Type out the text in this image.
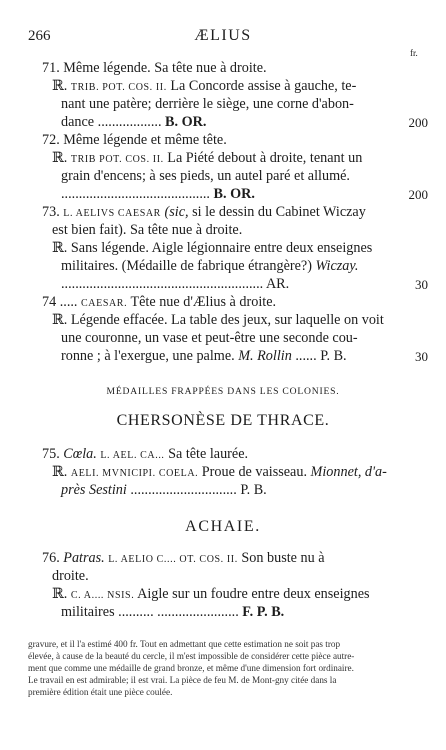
266	ÆLIUS
fr.
71. Même légende. Sa tête nue à droite.
ℝ. TRIB. POT. COS. II. La Concorde assise à gauche, te-
nant une patère; derrière le siège, une corne d'abon-
dance .................. B. OR.	200
72. Même légende et même tête.
ℝ. TRIB POT. COS. II. La Piété debout à droite, tenant un
grain d'encens; à ses pieds, un autel paré et allumé.
.......................................... B. OR.	200
73. L. AELIVS CAESAR (sic, si le dessin du Cabinet Wiczay
est bien fait). Sa tête nue à droite.
ℝ. Sans légende. Aigle légionnaire entre deux enseignes
militaires. (Médaille de fabrique étrangère?) Wiczay.
......................................................... AR.	30
74 ..... CAESAR. Tête nue d'Ælius à droite.
ℝ. Légende effacée. La table des jeux, sur laquelle on voit
une couronne, un vase et peut-être une seconde cou-
ronne ; à l'exergue, une palme. M. Rollin ...... P. B.	30
MÉDAILLES FRAPPÉES DANS LES COLONIES.
CHERSONÈSE DE THRACE.
75. Cœla. L. AEL. CA... Sa tête laurée.
ℝ. AELI. MVNICIPI. COELA. Proue de vaisseau. Mionnet, d'a-
près Sestini .............................. P. B.
ACHAIE.
76. Patras. L. AELIO C.... OT. COS. II. Son buste nu à
droite.
ℝ. C. A.... NSIS. Aigle sur un foudre entre deux enseignes
militaires .......... ....................... F. P. B.
gravure, et il l'a estimé 400 fr. Tout en admettant que cette estimation ne soit pas trop
élevée, à cause de la beauté du cercle, il m'est impossible de considérer cette pièce autre-
ment que comme une médaille de grand bronze, et même d'une dimension fort ordinaire.
Le travail en est admirable; il est vrai. La pièce de feu M. de Mont-gny citée dans la
première édition était une pièce coulée.
